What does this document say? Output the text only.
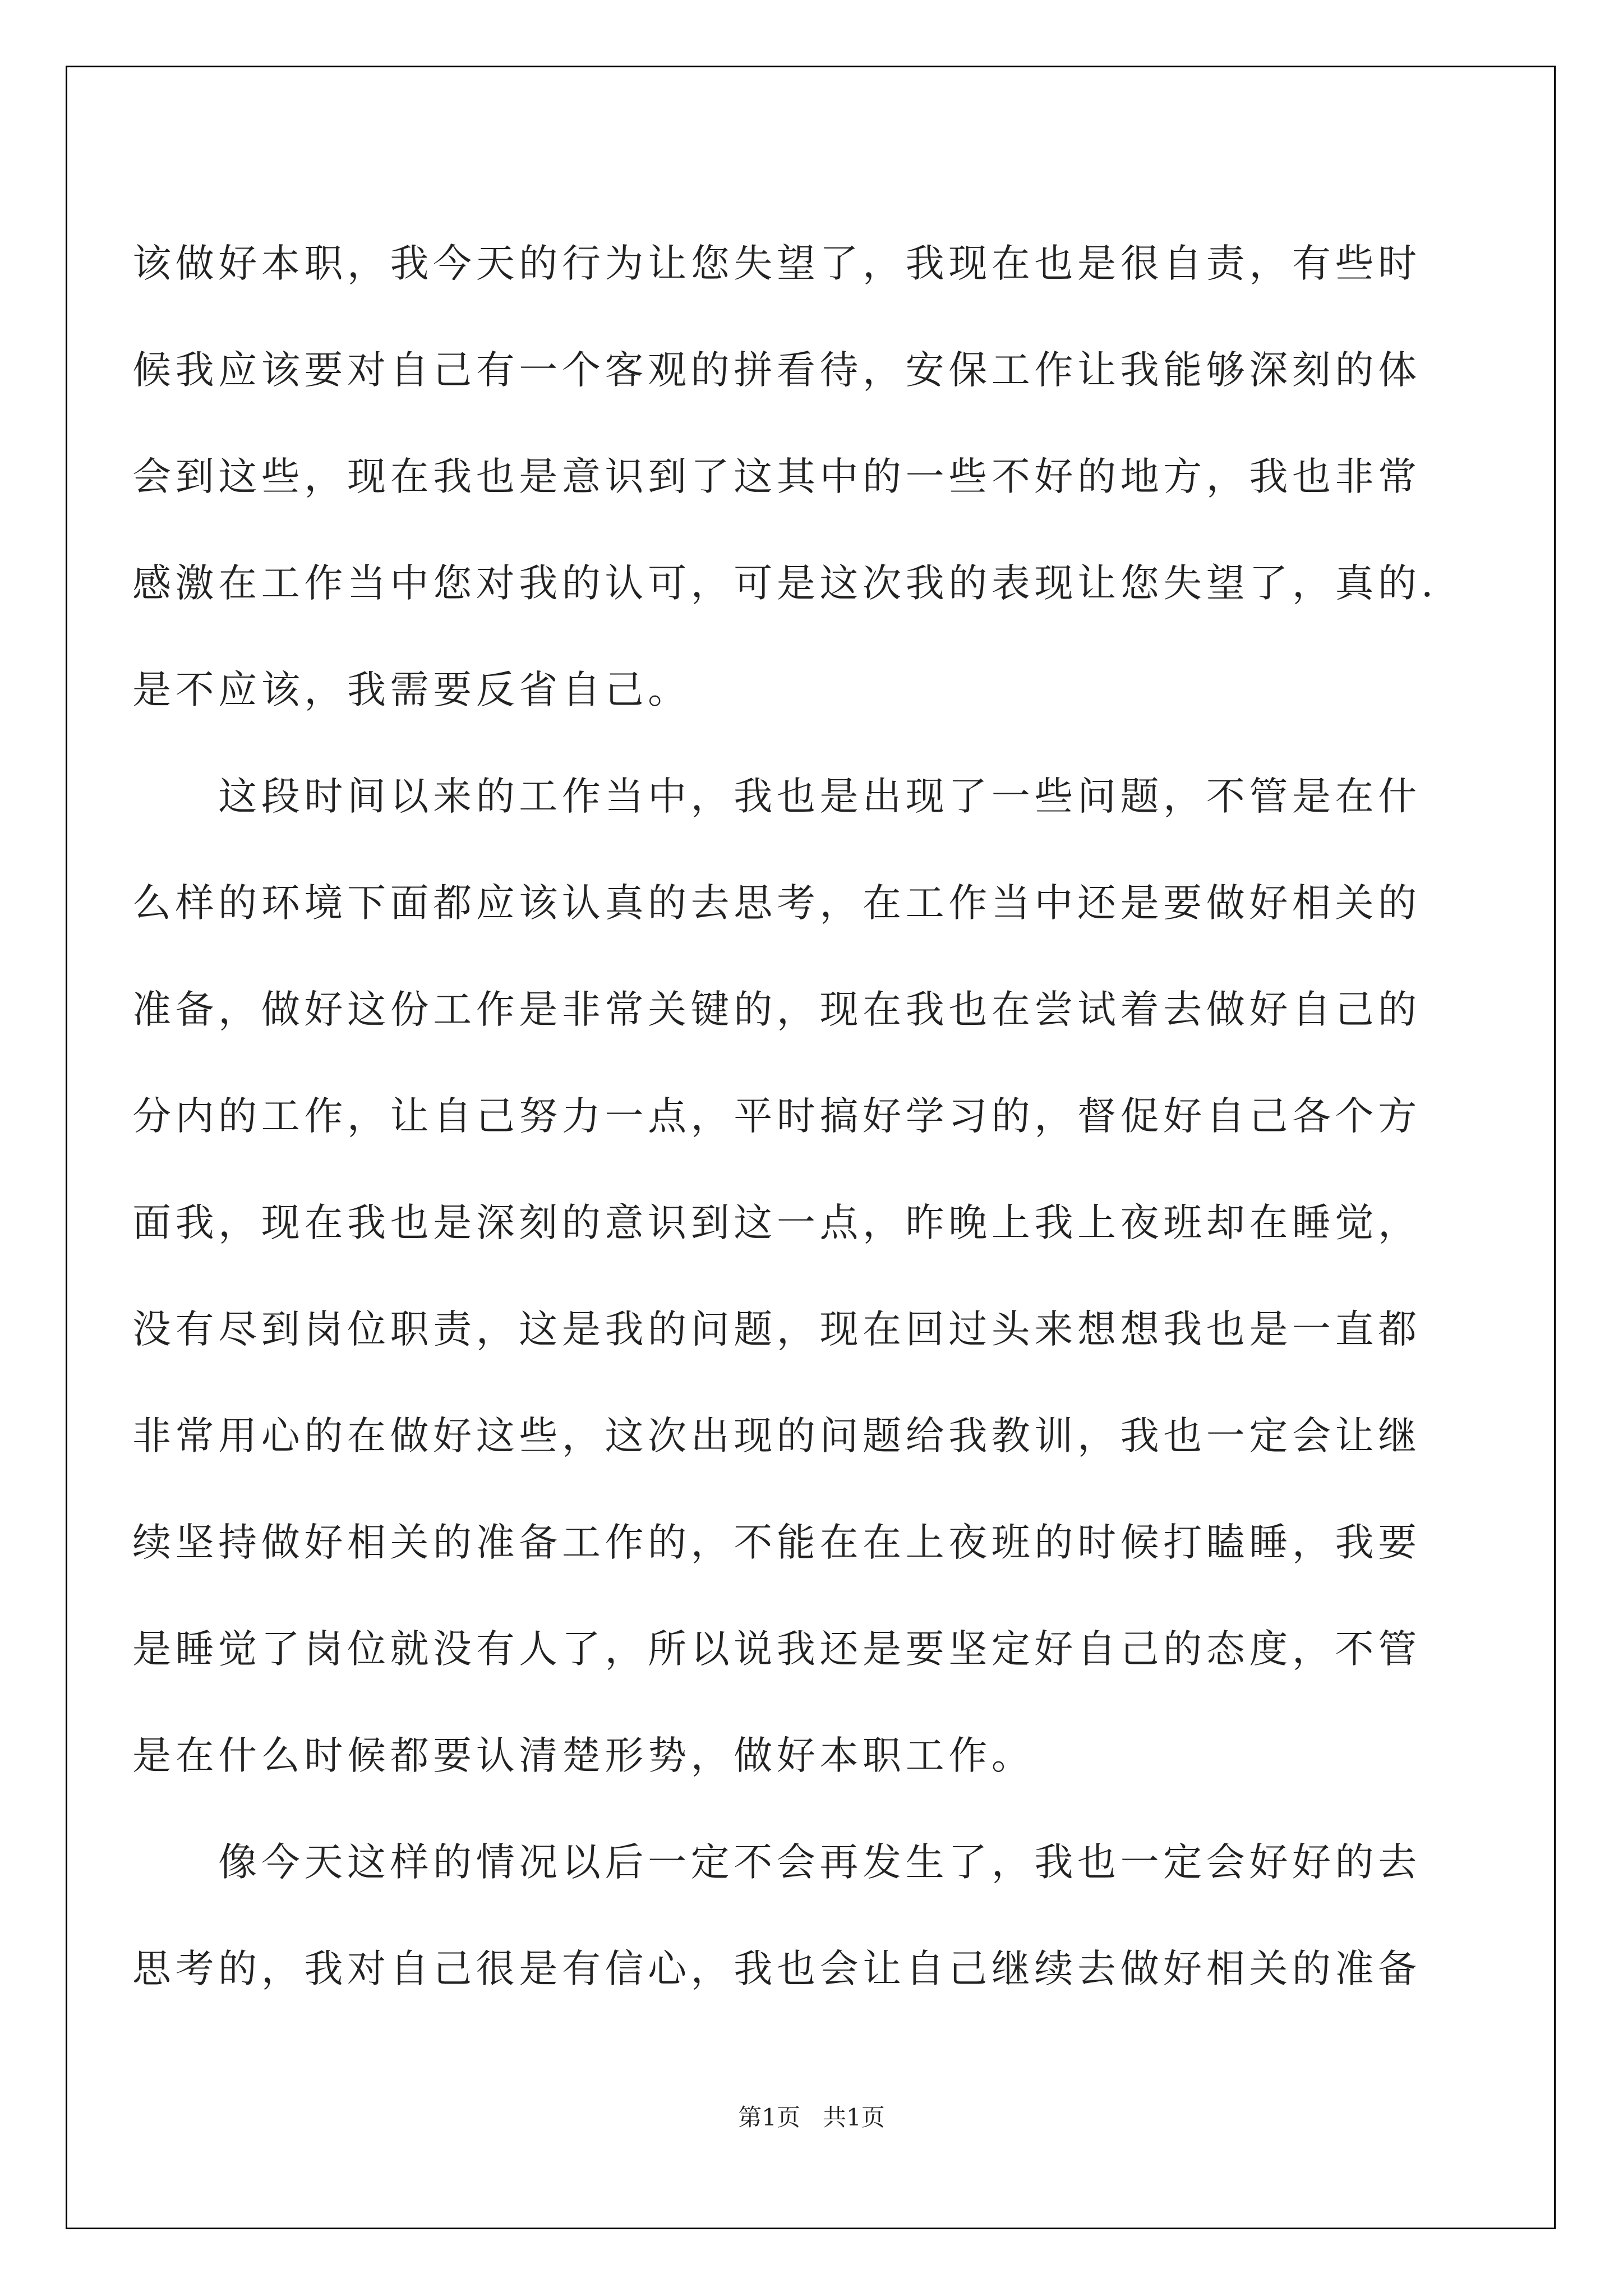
该做好本职，我今天的行为让您失望了，我现在也是很自责，有些时

候我应该要对自己有一个客观的拼看待，安保工作让我能够深刻的体

会到这些，现在我也是意识到了这其中的一些不好的地方，我也非常

感激在工作当中您对我的认可，可是这次我的表现让您失望了，真的.

是不应该，我需要反省自己。

　　这段时间以来的工作当中，我也是出现了一些问题，不管是在什

么样的环境下面都应该认真的去思考，在工作当中还是要做好相关的

准备，做好这份工作是非常关键的，现在我也在尝试着去做好自己的

分内的工作，让自己努力一点，平时搞好学习的，督促好自己各个方

面我，现在我也是深刻的意识到这一点，昨晚上我上夜班却在睡觉，

没有尽到岗位职责，这是我的问题，现在回过头来想想我也是一直都

非常用心的在做好这些，这次出现的问题给我教训，我也一定会让继

续坚持做好相关的准备工作的，不能在在上夜班的时候打瞌睡，我要

是睡觉了岗位就没有人了，所以说我还是要坚定好自己的态度，不管

是在什么时候都要认清楚形势，做好本职工作。

　　像今天这样的情况以后一定不会再发生了，我也一定会好好的去

思考的，我对自己很是有信心，我也会让自己继续去做好相关的准备

第1页 共1页
